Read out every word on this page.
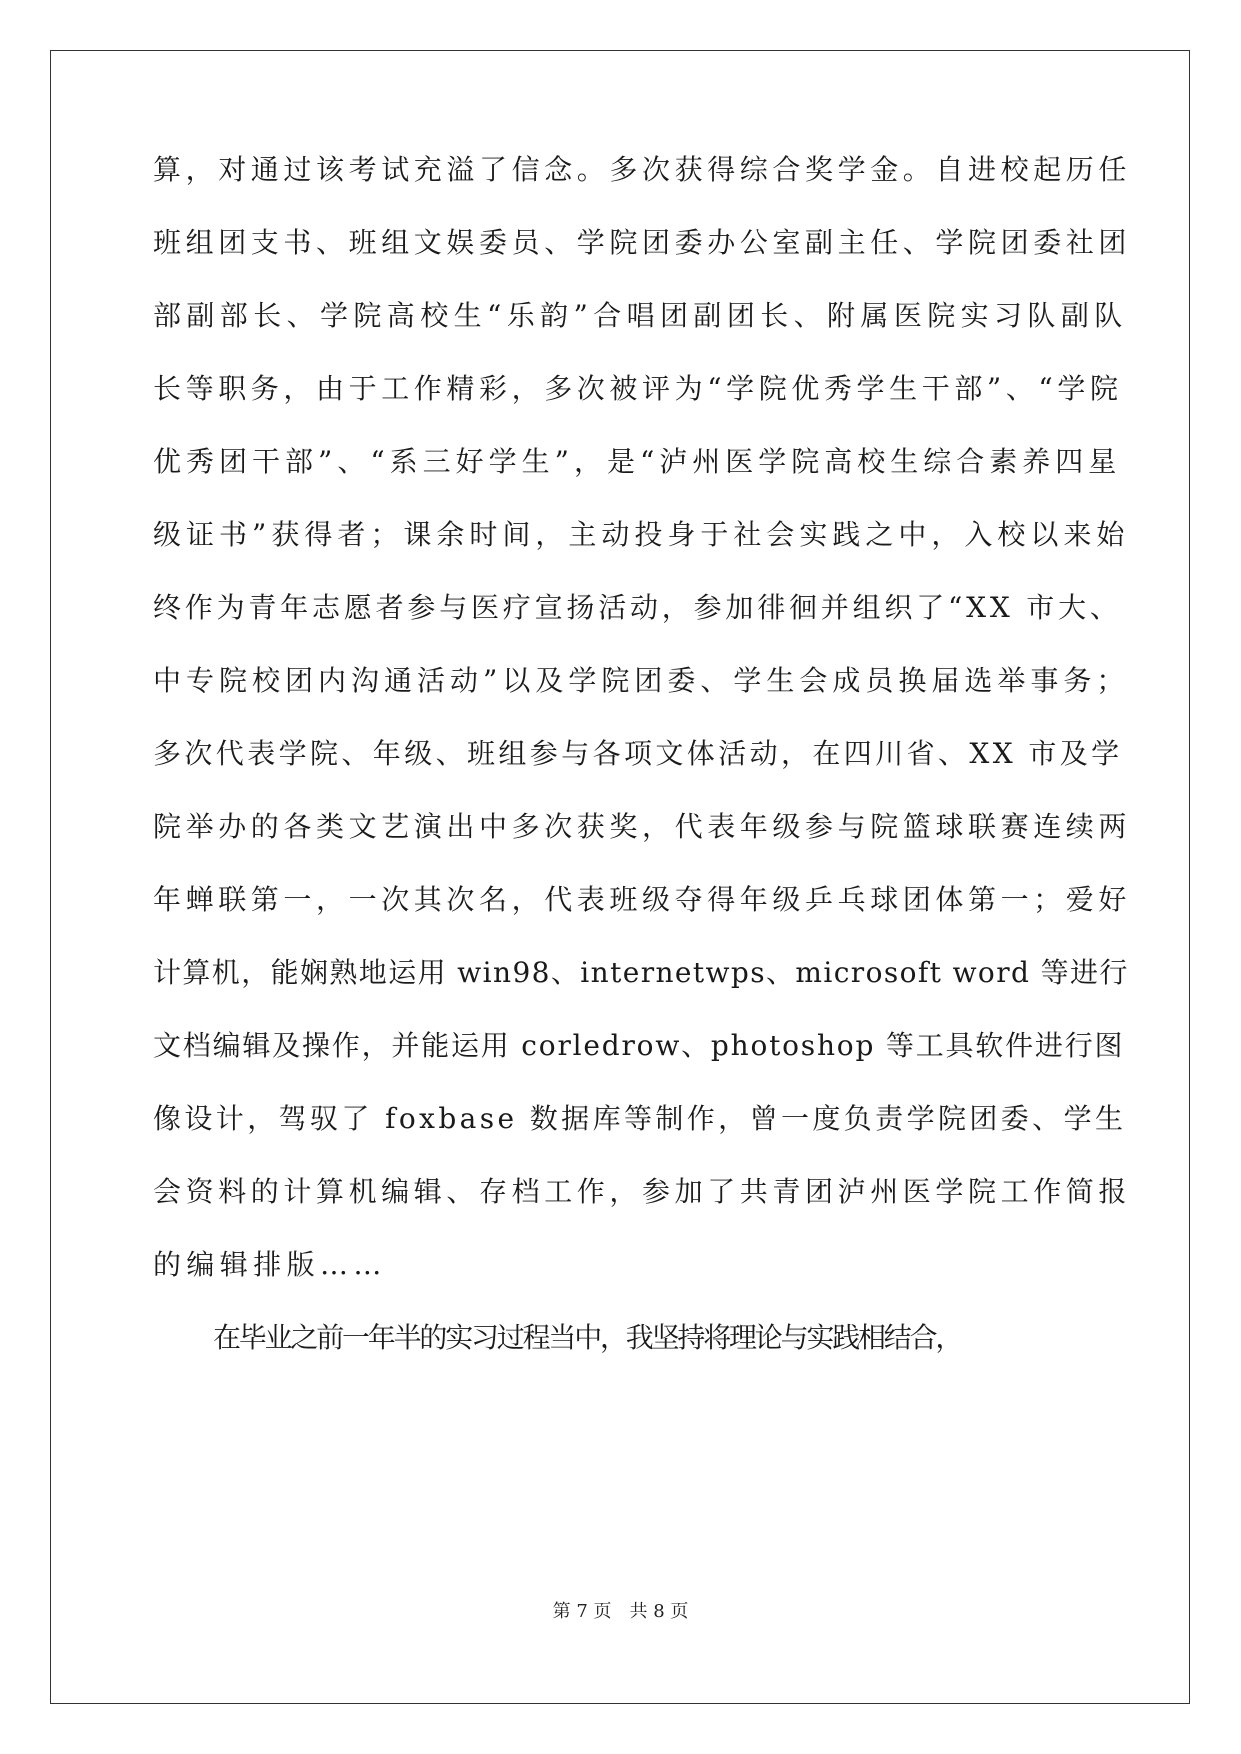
算，对通过该考试充溢了信念。多次获得综合奖学金。自进校起历任
班组团支书、班组文娱委员、学院团委办公室副主任、学院团委社团
部副部长、学院高校生“乐韵”合唱团副团长、附属医院实习队副队
长等职务，由于工作精彩，多次被评为“学院优秀学生干部”、“学院
优秀团干部”、“系三好学生”，是“泸州医学院高校生综合素养四星
级证书”获得者；课余时间，主动投身于社会实践之中，入校以来始
终作为青年志愿者参与医疗宣扬活动，参加徘徊并组织了“XX 市大、
中专院校团内沟通活动”以及学院团委、学生会成员换届选举事务；
多次代表学院、年级、班组参与各项文体活动，在四川省、XX 市及学
院举办的各类文艺演出中多次获奖，代表年级参与院篮球联赛连续两
年蝉联第一，一次其次名，代表班级夺得年级乒乓球团体第一；爱好
计算机，能娴熟地运用 win98、internetwps、microsoft word 等进行
文档编辑及操作，并能运用 corledrow、photoshop 等工具软件进行图
像设计，驾驭了 foxbase 数据库等制作，曾一度负责学院团委、学生
会资料的计算机编辑、存档工作，参加了共青团泸州医学院工作简报
的编辑排版……
在毕业之前一年半的实习过程当中，我坚持将理论与实践相结合，
第 7 页 共 8 页
